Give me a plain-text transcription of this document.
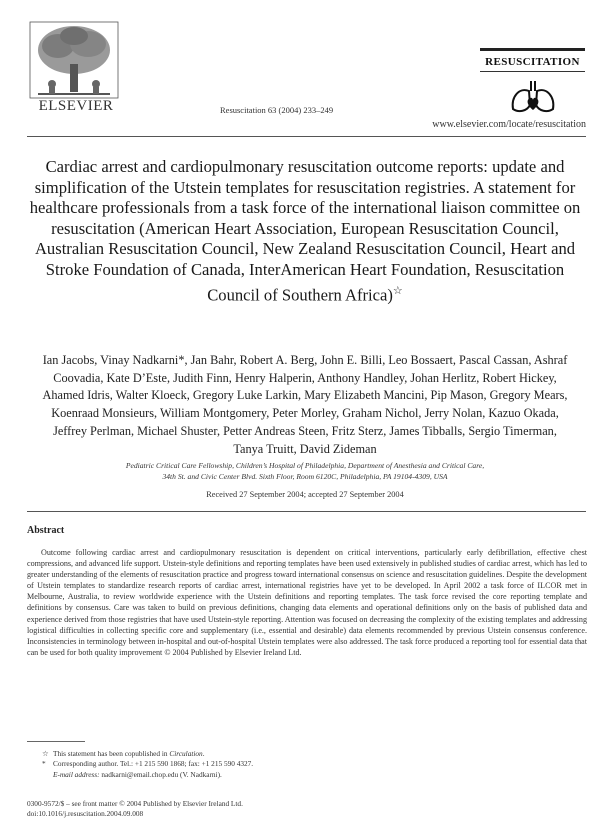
ELSEVIER	Resuscitation 63 (2004) 233–249
RESUSCITATION
www.elsevier.com/locate/resuscitation
Cardiac arrest and cardiopulmonary resuscitation outcome reports: update and simplification of the Utstein templates for resuscitation registries. A statement for healthcare professionals from a task force of the international liaison committee on resuscitation (American Heart Association, European Resuscitation Council, Australian Resuscitation Council, New Zealand Resuscitation Council, Heart and Stroke Foundation of Canada, InterAmerican Heart Foundation, Resuscitation Council of Southern Africa)☆
Ian Jacobs, Vinay Nadkarni*, Jan Bahr, Robert A. Berg, John E. Billi, Leo Bossaert, Pascal Cassan, Ashraf Coovadia, Kate D’Este, Judith Finn, Henry Halperin, Anthony Handley, Johan Herlitz, Robert Hickey, Ahamed Idris, Walter Kloeck, Gregory Luke Larkin, Mary Elizabeth Mancini, Pip Mason, Gregory Mears, Koenraad Monsieurs, William Montgomery, Peter Morley, Graham Nichol, Jerry Nolan, Kazuo Okada, Jeffrey Perlman, Michael Shuster, Petter Andreas Steen, Fritz Sterz, James Tibballs, Sergio Timerman, Tanya Truitt, David Zideman
Pediatric Critical Care Fellowship, Children’s Hospital of Philadelphia, Department of Anesthesia and Critical Care,
34th St. and Civic Center Blvd. Sixth Floor, Room 6120C, Philadelphia, PA 19104-4309, USA
Received 27 September 2004; accepted 27 September 2004
Abstract
Outcome following cardiac arrest and cardiopulmonary resuscitation is dependent on critical interventions, particularly early defibrillation, effective chest compressions, and advanced life support. Utstein-style definitions and reporting templates have been used extensively in published studies of cardiac arrest, which has led to greater understanding of the elements of resuscitation practice and progress toward international consensus on science and resuscitation guidelines. Despite the development of Utstein templates to standardize research reports of cardiac arrest, international registries have yet to be developed. In April 2002 a task force of ILCOR met in Melbourne, Australia, to review worldwide experience with the Utstein definitions and reporting templates. The task force revised the core reporting template and definitions by consensus. Care was taken to build on previous definitions, changing data elements and operational definitions only on the basis of published data and experience derived from those registries that have used Utstein-style reporting. Attention was focused on decreasing the complexity of the existing templates and addressing logistical difficulties in collecting specific core and supplementary (i.e., essential and desirable) data elements recommended by previous Utstein consensus conference. Inconsistencies in terminology between in-hospital and out-of-hospital Utstein templates were also addressed. The task force produced a reporting tool for essential data that can be used for both quality improvement © 2004 Published by Elsevier Ireland Ltd.
☆ This statement has been copublished in Circulation.
* Corresponding author. Tel.: +1 215 590 1868; fax: +1 215 590 4327.
E-mail address: nadkarni@email.chop.edu (V. Nadkarni).
0300-9572/$ – see front matter © 2004 Published by Elsevier Ireland Ltd.
doi:10.1016/j.resuscitation.2004.09.008
